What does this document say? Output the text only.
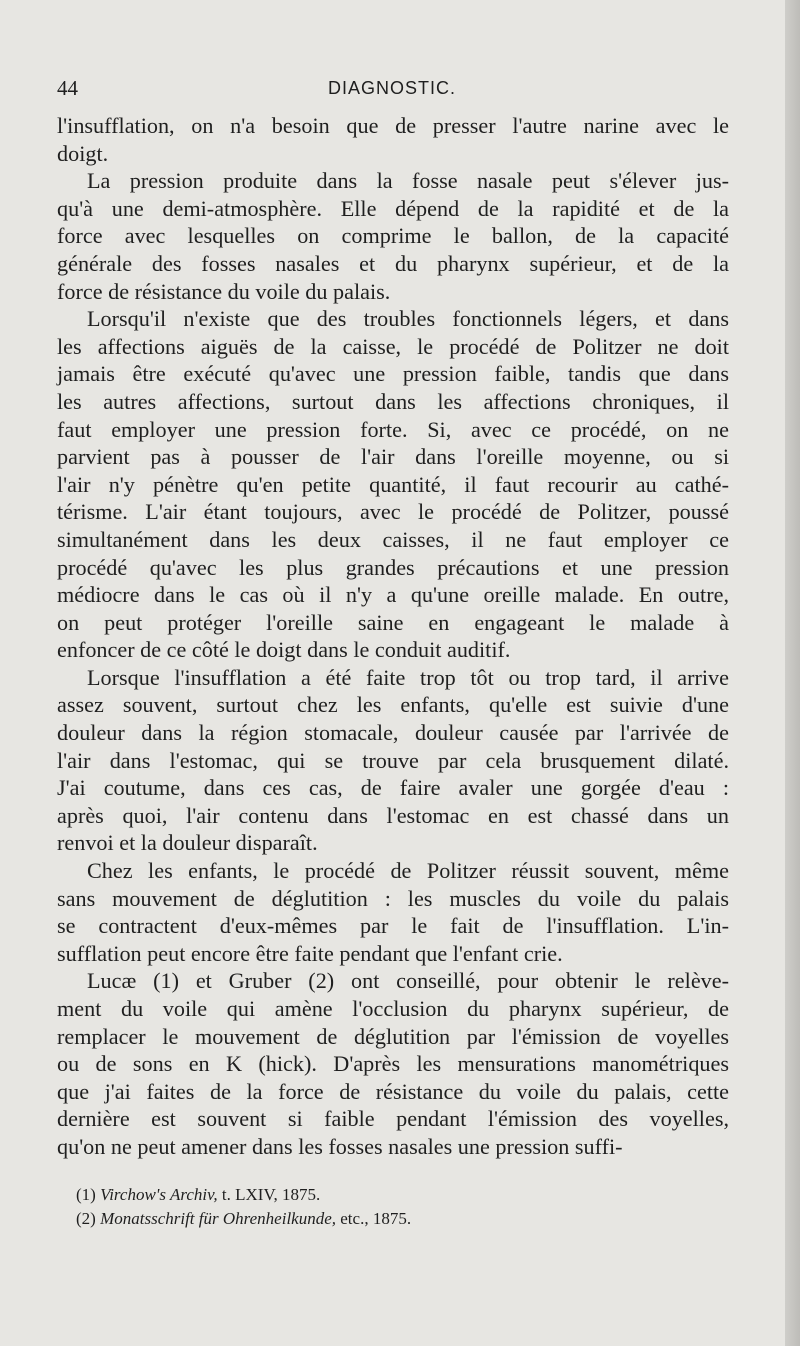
44	DIAGNOSTIC.

l'insufflation, on n'a besoin que de presser l'autre narine avec le

doigt.

La pression produite dans la fosse nasale peut s'élever jus-

qu'à une demi-atmosphère. Elle dépend de la rapidité et de la

force avec lesquelles on comprime le ballon, de la capacité

générale des fosses nasales et du pharynx supérieur, et de la

force de résistance du voile du palais.

Lorsqu'il n'existe que des troubles fonctionnels légers, et dans

les affections aiguës de la caisse, le procédé de Politzer ne doit

jamais être exécuté qu'avec une pression faible, tandis que dans

les autres affections, surtout dans les affections chroniques, il

faut employer une pression forte. Si, avec ce procédé, on ne

parvient pas à pousser de l'air dans l'oreille moyenne, ou si

l'air n'y pénètre qu'en petite quantité, il faut recourir au cathé-

térisme. L'air étant toujours, avec le procédé de Politzer, poussé

simultanément dans les deux caisses, il ne faut employer ce

procédé qu'avec les plus grandes précautions et une pression

médiocre dans le cas où il n'y a qu'une oreille malade. En outre,

on peut protéger l'oreille saine en engageant le malade à

enfoncer de ce côté le doigt dans le conduit auditif.

Lorsque l'insufflation a été faite trop tôt ou trop tard, il arrive

assez souvent, surtout chez les enfants, qu'elle est suivie d'une

douleur dans la région stomacale, douleur causée par l'arrivée de

l'air dans l'estomac, qui se trouve par cela brusquement dilaté.

J'ai coutume, dans ces cas, de faire avaler une gorgée d'eau :

après quoi, l'air contenu dans l'estomac en est chassé dans un

renvoi et la douleur disparaît.

Chez les enfants, le procédé de Politzer réussit souvent, même

sans mouvement de déglutition : les muscles du voile du palais

se contractent d'eux-mêmes par le fait de l'insufflation. L'in-

sufflation peut encore être faite pendant que l'enfant crie.

Lucæ (1) et Gruber (2) ont conseillé, pour obtenir le relève-

ment du voile qui amène l'occlusion du pharynx supérieur, de

remplacer le mouvement de déglutition par l'émission de voyelles

ou de sons en K (hick). D'après les mensurations manométriques

que j'ai faites de la force de résistance du voile du palais, cette

dernière est souvent si faible pendant l'émission des voyelles,

qu'on ne peut amener dans les fosses nasales une pression suffi-

(1) Virchow's Archiv, t. LXIV, 1875.
(2) Monatsschrift für Ohrenheilkunde, etc., 1875.
